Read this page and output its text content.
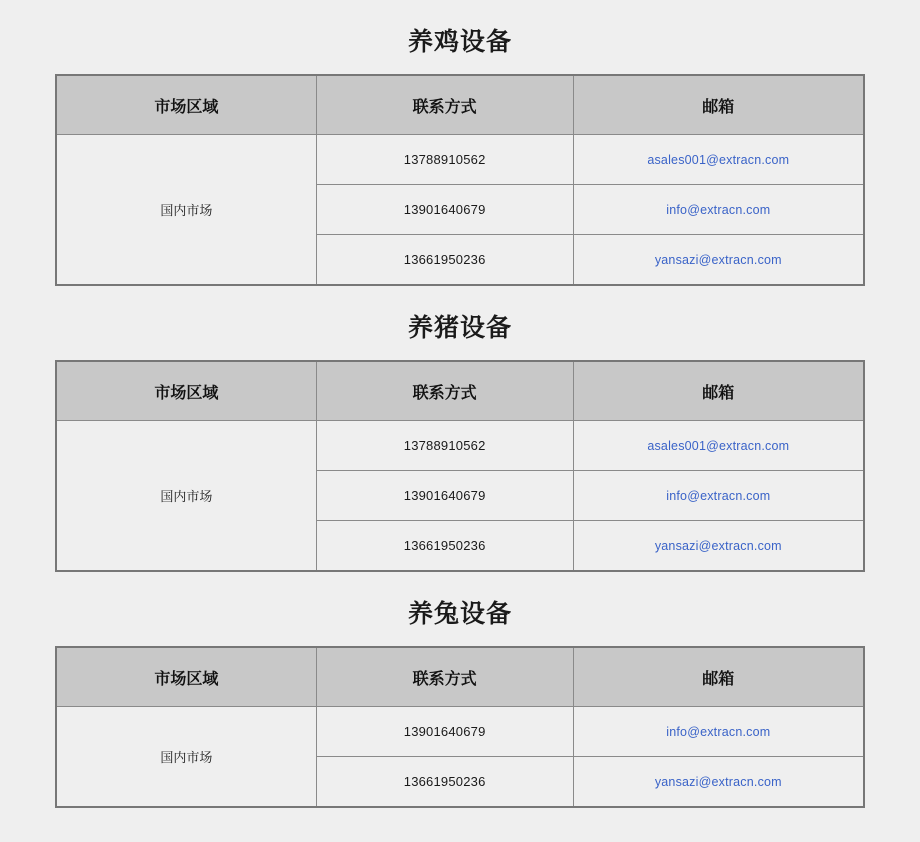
养鸡设备
市场区域	联系方式	邮箱
国内市场	13788910562	asales001@extracn.com
	13901640679	info@extracn.com
	13661950236	yansazi@extracn.com
养猪设备
市场区域	联系方式	邮箱
国内市场	13788910562	asales001@extracn.com
	13901640679	info@extracn.com
	13661950236	yansazi@extracn.com
养兔设备
市场区域	联系方式	邮箱
国内市场	13901640679	info@extracn.com
	13661950236	yansazi@extracn.com
